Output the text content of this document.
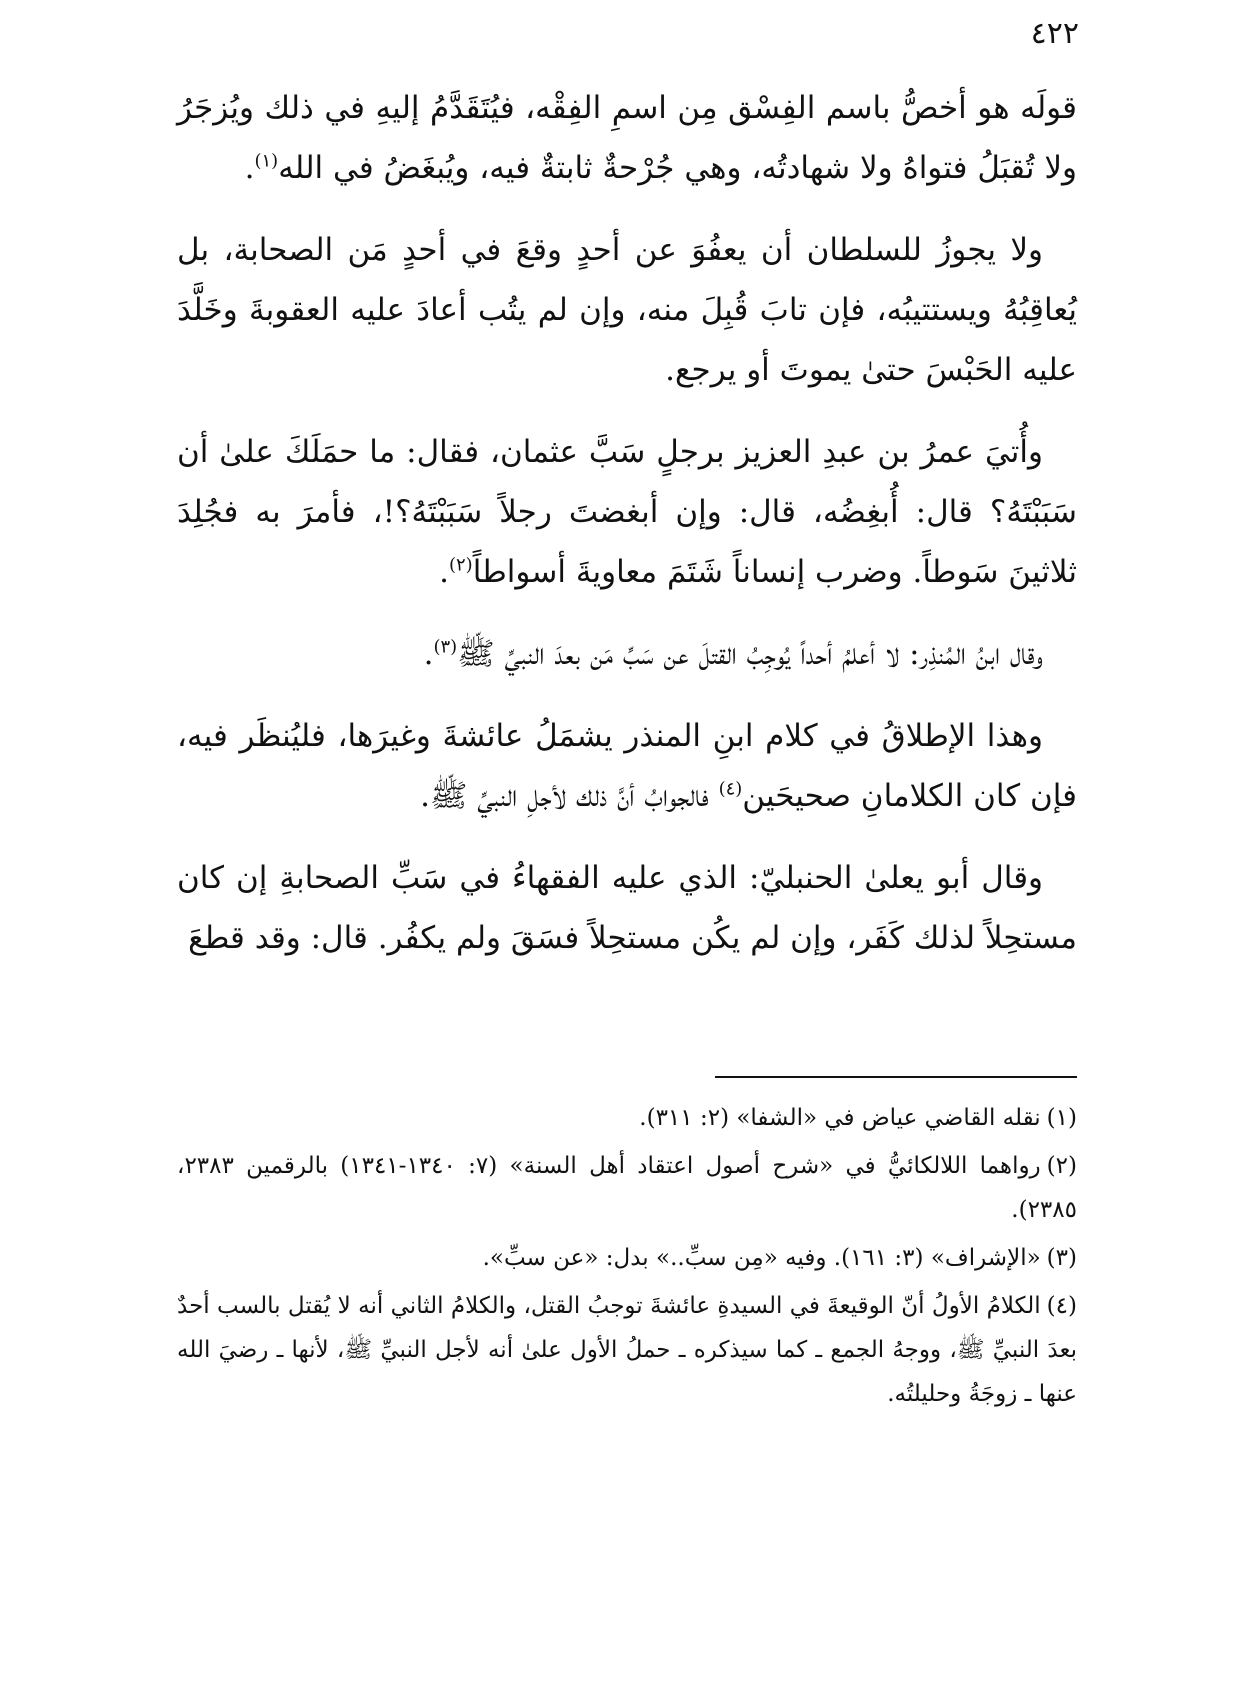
٤٢٢

قولَه هو أخصُّ باسم الفِسْق مِن اسمِ الفِقْه، فيُتَقَدَّمُ إليهِ في ذلك ويُزجَرُ ولا تُقبَلُ فتواهُ ولا شهادتُه، وهي جُرْحةٌ ثابتةٌ فيه، ويُبغَضُ في الله$^{(١)}$.

ولا يجوزُ للسلطان أن يعفُوَ عن أحدٍ وقعَ في أحدٍ مَن الصحابة، بل يُعاقِبُهُ ويستتيبُه، فإن تابَ قُبِلَ منه، وإن لم يتُب أعادَ عليه العقوبةَ وخَلَّدَ عليه الحَبْسَ حتىٰ يموتَ أو يرجع.

وأُتيَ عمرُ بن عبدِ العزيز برجلٍ سَبَّ عثمان، فقال: ما حمَلَكَ علىٰ أن سَبَبْتَهُ؟ قال: أُبغِضُه، قال: وإن أبغضتَ رجلاً سَبَبْتَهُ؟!، فأمرَ به فجُلِدَ ثلاثينَ سَوطاً. وضرب إنساناً شَتَمَ معاويةَ أسواطاً$^{(٢)}$.

وقال ابنُ المُنذِر: لا أعلمُ أحداً يُوجِبُ القتلَ عن سَبِّ مَن بعدَ النبيِّ ﷺ$^{(٣)}$.

وهذا الإطلاقُ في كلام ابنِ المنذر يشمَلُ عائشةَ وغيرَها، فليُنظَر فيه، فإن كان الكلامانِ صحيحَين$^{(٤)}$ فالجوابُ أنَّ ذلك لأجلِ النبيِّ ﷺ.

وقال أبو يعلىٰ الحنبليّ: الذي عليه الفقهاءُ في سَبِّ الصحابةِ إن كان مستحِلاً لذلك كَفَر، وإن لم يكُن مستحِلاً فسَقَ ولم يكفُر. قال: وقد قطعَ

(١)نقله القاضي عياض في «الشفا» (٢: ٣١١).

(٢)رواهما اللالكائيُّ في «شرح أصول اعتقاد أهل السنة» (٧: ١٣٤٠-١٣٤١) بالرقمين ٢٣٨٣، ٢٣٨٥).

(٣)«الإشراف» (٣: ١٦١). وفيه «مِن سبِّ..» بدل: «عن سبِّ».

(٤)الكلامُ الأولُ أنّ الوقيعةَ في السيدةِ عائشةَ توجبُ القتل، والكلامُ الثاني أنه لا يُقتل بالسب أحدٌ بعدَ النبيِّ ﷺ، ووجهُ الجمع ـ كما سيذكره ـ حملُ الأول علىٰ أنه لأجل النبيِّ ﷺ، لأنها ـ رضيَ الله عنها ـ زوجَةُ وحليلتُه.
